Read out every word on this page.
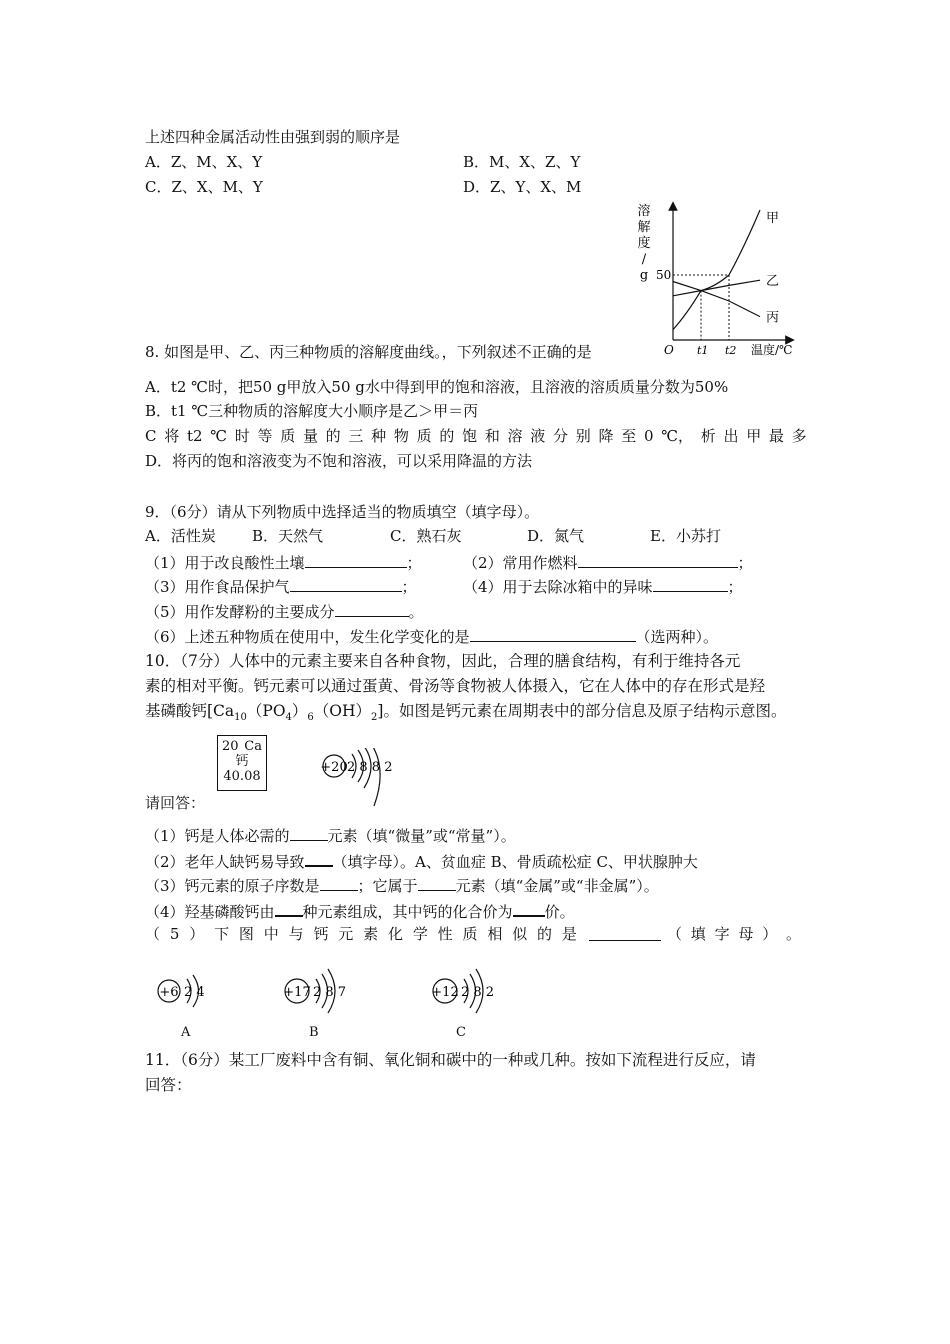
上述四种金属活动性由强到弱的顺序是
A．Z、M、X、Y	B．M、X、Z、Y
C．Z、X、M、Y	D．Z、Y、X、M
甲
乙
丙
50
t1 t2
O	温度/℃
溶
解
度
/
g
8. 如图是甲、乙、丙三种物质的溶解度曲线。，下列叙述不正确的是
A．t2 ℃时，把50 g甲放入50 g水中得到甲的饱和溶液，且溶液的溶质质量分数为50%
B．t1 ℃三种物质的溶解度大小顺序是乙＞甲＝丙
C 将 t2 ℃ 时 等 质 量 的 三 种 物 质 的 饱 和 溶 液 分 别 降 至 0 ℃， 析 出 甲 最 多
D．将丙的饱和溶液变为不饱和溶液，可以采用降温的方法
9．（6分）请从下列物质中选择适当的物质填空（填字母）。
A．活性炭 B．天然气	C．熟石灰	D．氮气	E．小苏打
（1）用于改良酸性土壤	；	（2）常用作燃料	；
（3）用作食品保护气	；	（4）用于去除冰箱中的异味	；
（5）用作发酵粉的主要成分	。
（6）上述五种物质在使用中，发生化学变化的是	（选两种）。
10．（7分）人体中的元素主要来自各种食物，因此，合理的膳食结构，有利于维持各元
素的相对平衡。钙元素可以通过蛋黄、骨汤等食物被人体摄入，它在人体中的存在形式是羟
基磷酸钙$[Ca_{10}(PO_4)_6(OH)_2]$。如图是钙元素在周期表中的部分信息及原子结构示意图。
20 Ca
钙
40.08
+20 2 8 8 2
请回答：
（1）钙是人体必需的	元素（填“微量”或“常量”）。
（2）老年人缺钙易导致 （填字母）。A、贫血症 B、骨质疏松症 C、甲状腺肿大
（3）钙元素的原子序数是	；它属于	元素（填“金属”或“非金属”）。
（4）羟基磷酸钙由 种元素组成，其中钙的化合价为 价。
（ 5 ） 下 图 中 与 钙 元 素 化 学 性 质 相 似 的 是	（ 填 字 母 ） 。
+6 2 4
A
+17 2 8 7
B
+12 2 8 2
C
11．（6分）某工厂废料中含有铜、氧化铜和碳中的一种或几种。按如下流程进行反应，请
回答：
